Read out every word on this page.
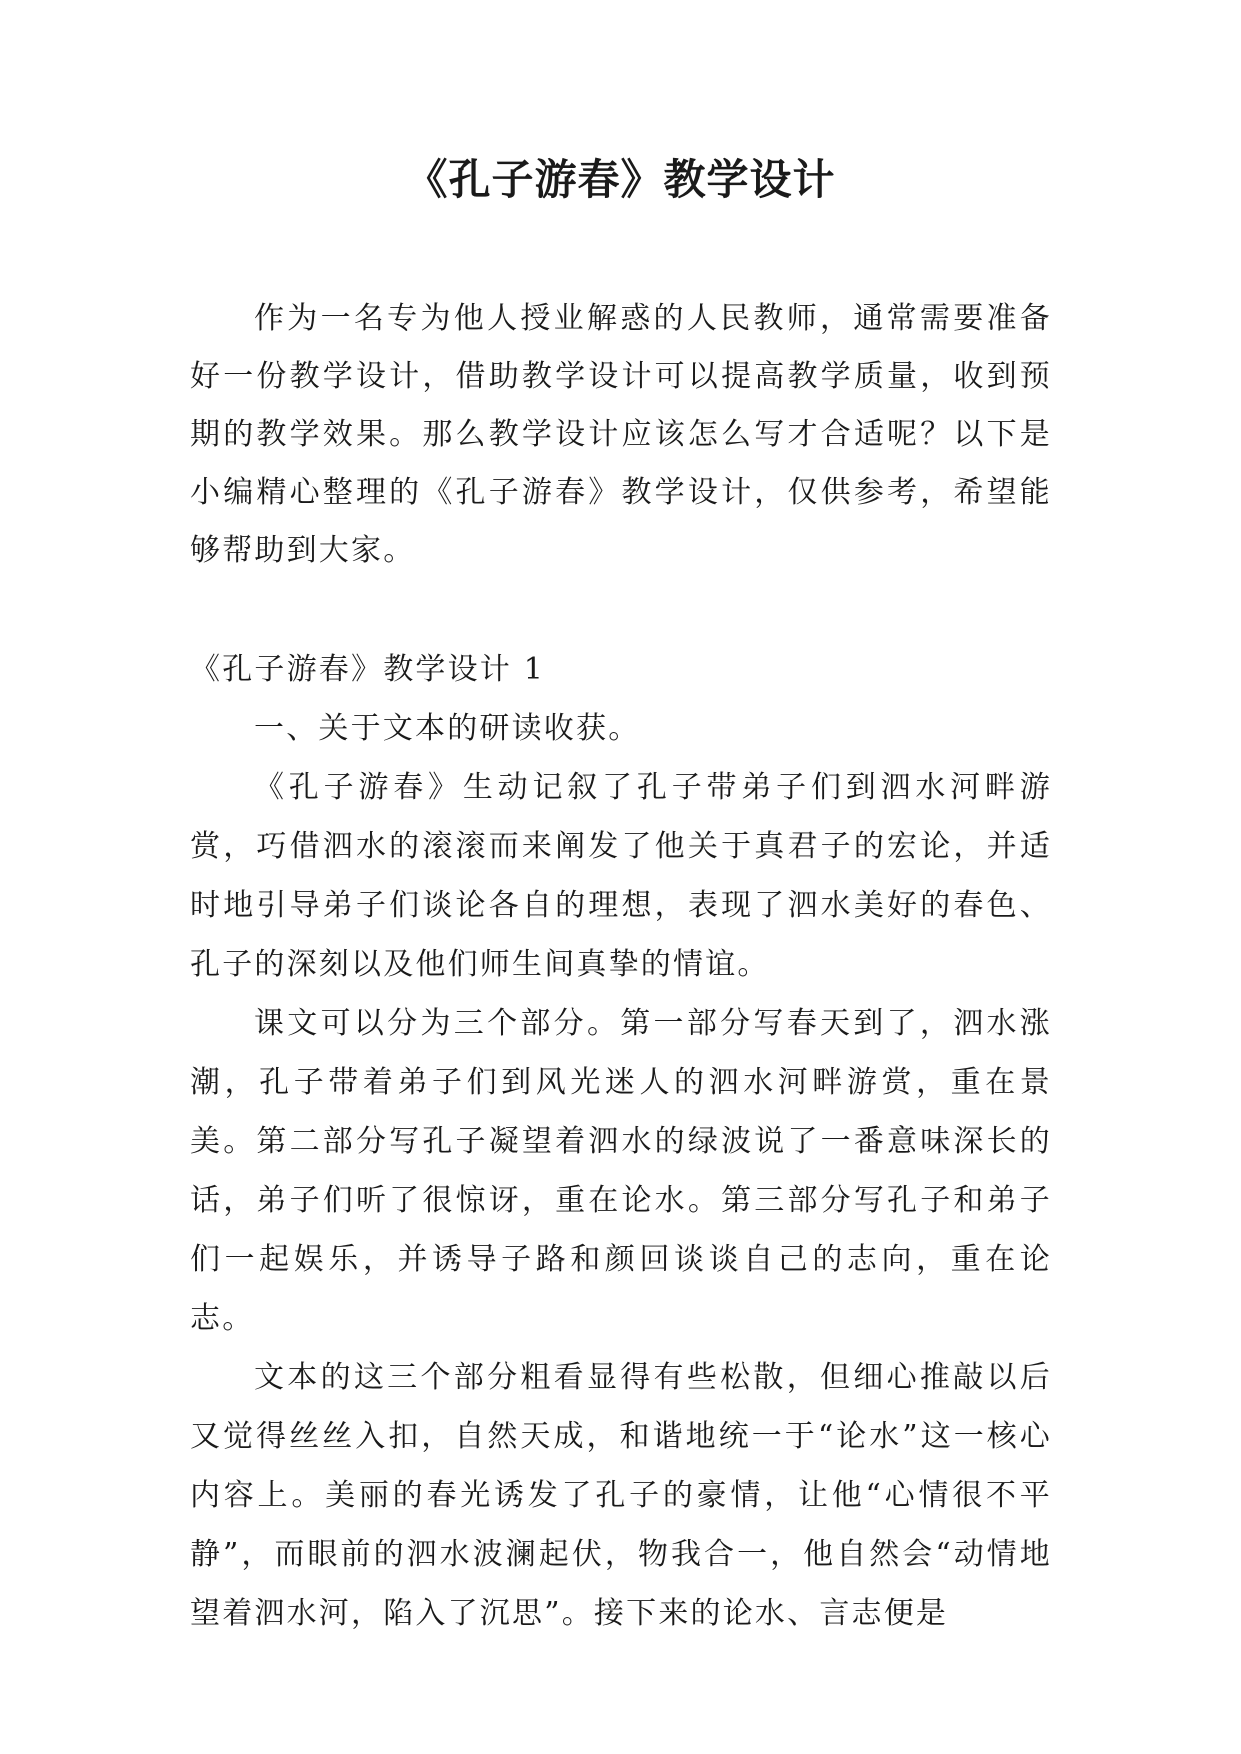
《孔子游春》教学设计

作为一名专为他人授业解惑的人民教师，通常需要准备好一份教学设计，借助教学设计可以提高教学质量，收到预期的教学效果。那么教学设计应该怎么写才合适呢？以下是小编精心整理的《孔子游春》教学设计，仅供参考，希望能够帮助到大家。

《孔子游春》教学设计 1

一、关于文本的研读收获。

《孔子游春》生动记叙了孔子带弟子们到泗水河畔游赏，巧借泗水的滚滚而来阐发了他关于真君子的宏论，并适时地引导弟子们谈论各自的理想，表现了泗水美好的春色、孔子的深刻以及他们师生间真挚的情谊。

课文可以分为三个部分。第一部分写春天到了，泗水涨潮，孔子带着弟子们到风光迷人的泗水河畔游赏，重在景美。第二部分写孔子凝望着泗水的绿波说了一番意味深长的话，弟子们听了很惊讶，重在论水。第三部分写孔子和弟子们一起娱乐，并诱导子路和颜回谈谈自己的志向，重在论志。

文本的这三个部分粗看显得有些松散，但细心推敲以后又觉得丝丝入扣，自然天成，和谐地统一于“论水”这一核心内容上。美丽的春光诱发了孔子的豪情，让他“心情很不平静”，而眼前的泗水波澜起伏，物我合一，他自然会“动情地望着泗水河，陷入了沉思”。接下来的论水、言志便是
